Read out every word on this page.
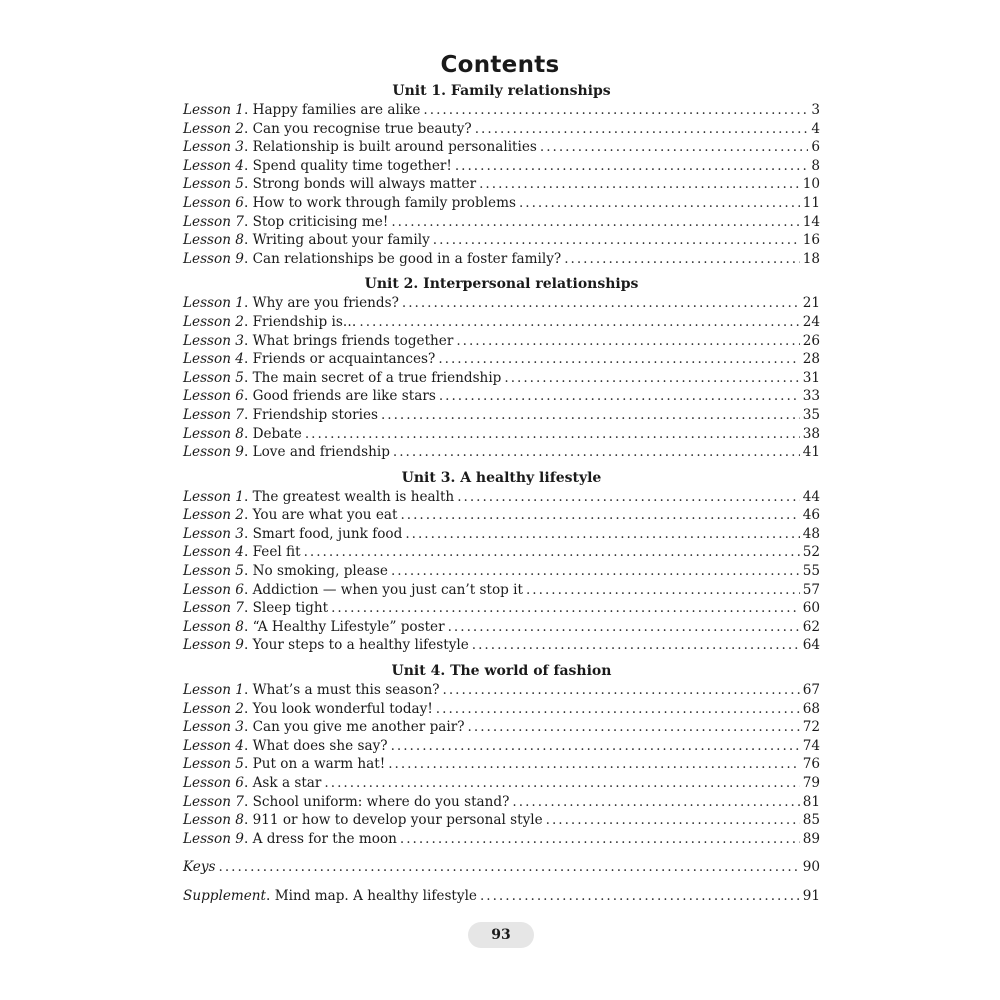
Contents
Unit 1. Family relationships
Lesson 1. Happy families are alike .....	3
Lesson 2. Can you recognise true beauty? .....	4
Lesson 3. Relationship is built around personalities .....	6
Lesson 4. Spend quality time together! .....	8
Lesson 5. Strong bonds will always matter .....	10
Lesson 6. How to work through family problems .....	11
Lesson 7. Stop criticising me! .....	14
Lesson 8. Writing about your family .....	16
Lesson 9. Can relationships be good in a foster family? .....	18
Unit 2. Interpersonal relationships
Lesson 1. Why are you friends? .....	21
Lesson 2. Friendship is… .....	24
Lesson 3. What brings friends together .....	26
Lesson 4. Friends or acquaintances? .....	28
Lesson 5. The main secret of a true friendship .....	31
Lesson 6. Good friends are like stars .....	33
Lesson 7. Friendship stories .....	35
Lesson 8. Debate .....	38
Lesson 9. Love and friendship .....	41
Unit 3. A healthy lifestyle
Lesson 1. The greatest wealth is health .....	44
Lesson 2. You are what you eat .....	46
Lesson 3. Smart food, junk food .....	48
Lesson 4. Feel fit .....	52
Lesson 5. No smoking, please .....	55
Lesson 6. Addiction — when you just can’t stop it .....	57
Lesson 7. Sleep tight .....	60
Lesson 8. “A Healthy Lifestyle” poster .....	62
Lesson 9. Your steps to a healthy lifestyle .....	64
Unit 4. The world of fashion
Lesson 1. What’s a must this season? .....	67
Lesson 2. You look wonderful today! .....	68
Lesson 3. Can you give me another pair? .....	72
Lesson 4. What does she say? .....	74
Lesson 5. Put on a warm hat! .....	76
Lesson 6. Ask a star .....	79
Lesson 7. School uniform: where do you stand? .....	81
Lesson 8. 911 or how to develop your personal style .....	85
Lesson 9. A dress for the moon .....	89
Keys .....	90
Supplement. Mind map. A healthy lifestyle .....	91
93
